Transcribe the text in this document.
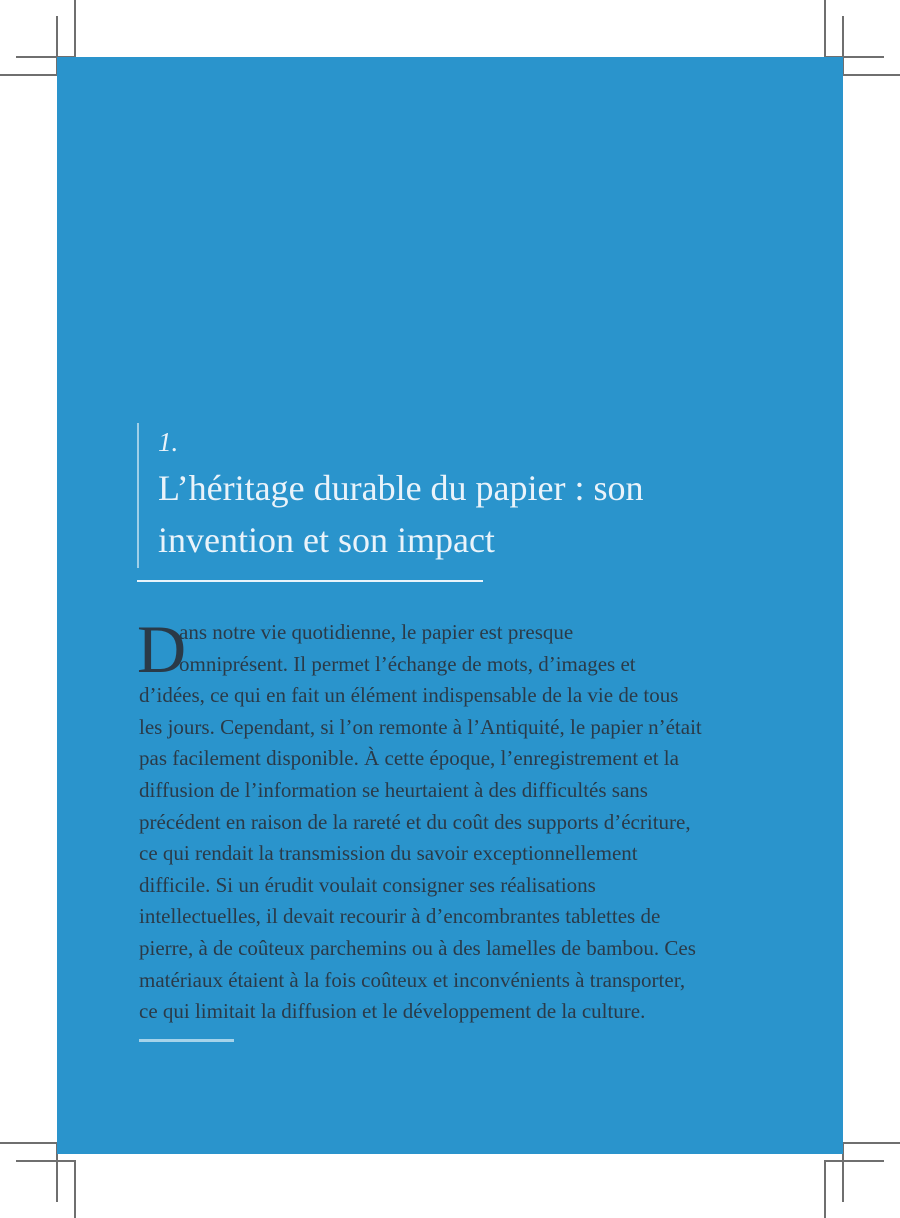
1.
L’héritage durable du papier : son
invention et son impact
D
ans notre vie quotidienne, le papier est presque
omniprésent. Il permet l’échange de mots, d’images et
d’idées, ce qui en fait un élément indispensable de la vie de tous
les jours. Cependant, si l’on remonte à l’Antiquité, le papier n’était
pas facilement disponible. À cette époque, l’enregistrement et la
diffusion de l’information se heurtaient à des difficultés sans
précédent en raison de la rareté et du coût des supports d’écriture,
ce qui rendait la transmission du savoir exceptionnellement
difficile. Si un érudit voulait consigner ses réalisations
intellectuelles, il devait recourir à d’encombrantes tablettes de
pierre, à de coûteux parchemins ou à des lamelles de bambou. Ces
matériaux étaient à la fois coûteux et inconvénients à transporter,
ce qui limitait la diffusion et le développement de la culture.
